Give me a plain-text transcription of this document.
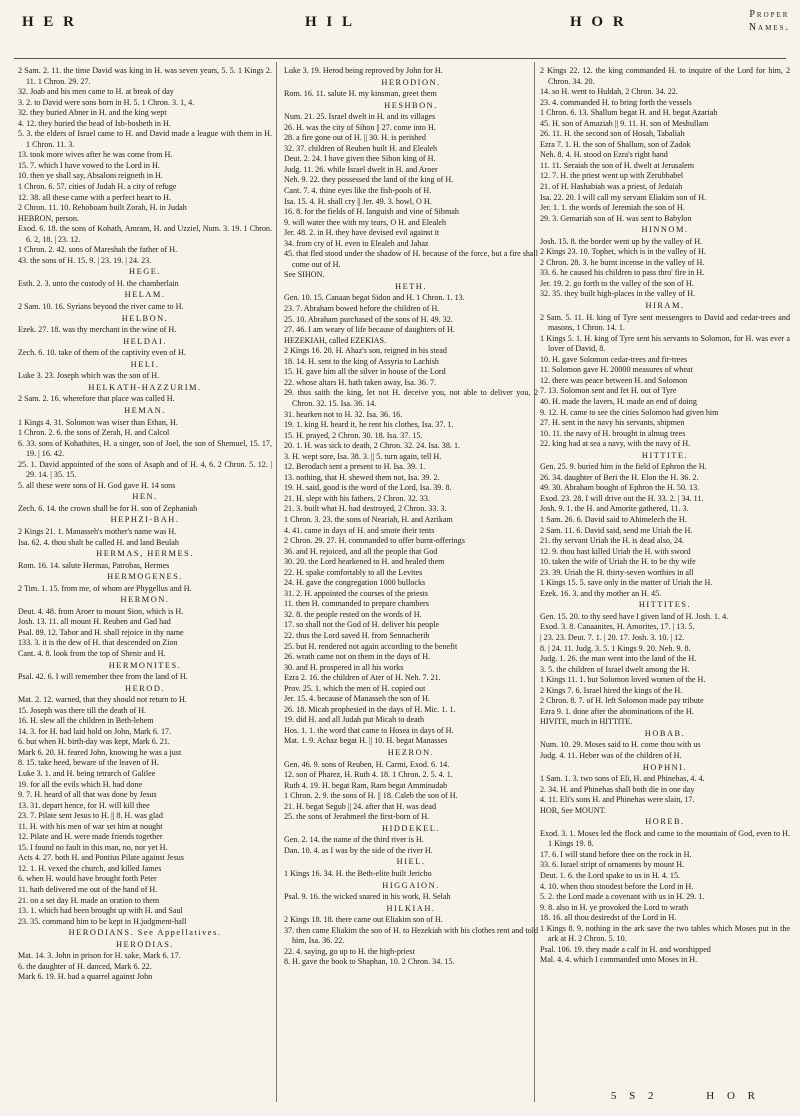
H E R	H I L	H O R	Proper
Names.

2 Sam. 2. 11. the time David was king in H. was seven years, 5. 5. 1 Kings 2. 11. 1 Chron. 29. 27.

32. Joab and his men came to H. at break of day

3. 2. to David were sons born in H. 5. 1 Chron. 3. 1, 4.

32. they buried Abner in H. and the king wept

4. 12. they buried the head of Ish-bosheth in H.

5. 3. the elders of Israel came to H. and David made a league with them in H. 1 Chron. 11. 3.

13. took more wives after he was come from H.

15. 7. which I have vowed to the Lord in H.

10. then ye shall say, Absalom reigneth in H.

1 Chron. 6. 57. cities of Judah H. a city of refuge

12. 38. all these came with a perfect heart to H.

2 Chron. 11. 10. Rehoboam built Zorah, H. in Judah

HEBRON, person.

Exod. 6. 18. the sons of Kohath, Amram, H. and Uzziel, Num. 3. 19. 1 Chron. 6. 2, 18. | 23. 12.

1 Chron. 2. 42. sons of Mareshah the father of H.

43. the sons of H. 15. 9. | 23. 19. | 24. 23.

HEGE.

Esth. 2. 3. unto the custody of H. the chamberlain

HELAM.

2 Sam. 10. 16. Syrians beyond the river came to H.

HELBON.

Ezek. 27. 18. was thy merchant in the wine of H.

HELDAI.

Zech. 6. 10. take of them of the captivity even of H.

HELI.

Luke 3. 23. Joseph which was the son of H.

HELKATH-HAZZURIM.

2 Sam. 2. 16. wherefore that place was called H.

HEMAN.

1 Kings 4. 31. Solomon was wiser than Ethan, H.

1 Chron. 2. 6. the sons of Zerah, H. and Calcol

6. 33. sons of Kohathites, H. a singer, son of Joel, the son of Shemuel, 15. 17, 19. | 16. 42.

25. 1. David appointed of the sons of Asaph and of H. 4, 6. 2 Chron. 5. 12. | 29. 14. | 35. 15.

5. all these were sons of H. God gave H. 14 sons

HEN.

Zech. 6. 14. the crown shall be for H. son of Zephaniah

HEPHZI-BAH.

2 Kings 21. 1. Manasseh's mother's name was H.

Isa. 62. 4. thou shalt be called H. and land Beulah

HERMAS, HERMES.

Rom. 16. 14. salute Hermas, Patrobas, Hermes

HERMOGENES.

2 Tim. 1. 15. from me, of whom are Phygellus and H.

HERMON.

Deut. 4. 48. from Aroer to mount Sion, which is H.

Josh. 13. 11. all mount H. Reuben and Gad had

Psal. 89. 12. Tabor and H. shall rejoice in thy name

133. 3. it is the dew of H. that descended on Zion

Cant. 4. 8. look from the top of Shenir and H.

HERMONITES.

Psal. 42. 6. I will remember thee from the land of H.

HEROD.

Mat. 2. 12. warned, that they should not return to H.

15. Joseph was there till the death of H.

16. H. slew all the children in Beth-lehem

14. 3. for H. had laid hold on John, Mark 6. 17.

6. but when H. birth-day was kept, Mark 6. 21.

Mark 6. 20. H. feared John, knowing he was a just

8. 15. take heed, beware of the leaven of H.

Luke 3. 1. and H. being tetrarch of Galilee

19. for all the evils which H. had done

9. 7. H. heard of all that was done by Jesus

13. 31. depart hence, for H. will kill thee

23. 7. Pilate sent Jesus to H. || 8. H. was glad

11. H. with his men of war set him at nought

12. Pilate and H. were made friends together

15. I found no fault in this man, no, nor yet H.

Acts 4. 27. both H. and Pontius Pilate against Jesus

12. 1. H. vexed the church, and killed James

6. when H. would have brought forth Peter

11. hath delivered me out of the hand of H.

21. on a set day H. made an oration to them

13. 1. which had been brought up with H. and Saul

23. 35. command him to be kept in H.judgment-hall

HERODIANS. See Appellatives.

HERODIAS.

Mat. 14. 3. John in prison for H. sake, Mark 6. 17.

6. the daughter of H. danced, Mark 6. 22.

Mark 6. 19. H. had a quarrel against John

Luke 3. 19. Herod being reproved by John for H.

HERODION.

Rom. 16. 11. salute H. my kinsman, greet them

HESHBON.

Num. 21. 25. Israel dwelt in H. and its villages

26. H. was the city of Sihon || 27. come into H.

28. a fire gone out of H. || 30. H. is perished

32. 37. children of Reuben built H. and Elealeh

Deut. 2. 24. I have given thee Sihon king of H.

Judg. 11. 26. while Israel dwelt in H. and Aroer

Neh. 9. 22. they possessed the land of the king of H.

Cant. 7. 4. thine eyes like the fish-pools of H.

Isa. 15. 4. H. shall cry || Jer. 49. 3. howl, O H.

16. 8. for the fields of H. languish and vine of Sibmah

9. will water thee with my tears, O H. and Elealeh

Jer. 48. 2. in H. they have devised evil against it

34. from cry of H. even to Elealeh and Jahaz

45. that fled stood under the shadow of H. because of the force, but a fire shall come out of H.

See SIHON.

HETH.

Gen. 10. 15. Canaan begat Sidon and H. 1 Chron. 1. 13.

23. 7. Abraham bowed before the children of H.

25. 10. Abraham purchased of the sons of H. 49. 32.

27. 46. I am weary of life because of daughters of H.

HEZEKIAH, called EZEKIAS.

2 Kings 16. 20. H. Ahaz's son, reigned in his stead

18. 14. H. sent to the king of Assyria to Lachish

15. H. gave him all the silver in house of the Lord

22. whose altars H. hath taken away, Isa. 36. 7.

29. thus saith the king, let not H. deceive you, not able to deliver you, 2 Chron. 32. 15. Isa. 36. 14.

31. hearken not to H. 32. Isa. 36. 16.

19. 1. king H. heard it, he rent his clothes, Isa. 37. 1.

15. H. prayed, 2 Chron. 30. 18. Isa. 37. 15.

20. 1. H. was sick to death, 2 Chron. 32. 24. Isa. 38. 1.

3. H. wept sore, Isa. 38. 3. || 5. turn again, tell H.

12. Berodach sent a present to H. Isa. 39. 1.

13. nothing, that H. shewed them not, Isa. 39. 2.

19. H. said, good is the word of the Lord, Isa. 39. 8.

21. H. slept with his fathers, 2 Chron. 32. 33.

21. 3. built what H. had destroyed, 2 Chron. 33. 3.

1 Chron. 3. 23. the sons of Neariah, H. and Azrikam

4. 41. came in days of H. and smote their tents

2 Chron. 29. 27. H. commanded to offer burnt-offerings

36. and H. rejoiced, and all the people that God

30. 20. the Lord hearkened to H. and healed them

22. H. spake comfortably to all the Levites

24. H. gave the congregation 1000 bullocks

31. 2. H. appointed the courses of the priests

11. then H. commanded to prepare chambers

32. 8. the people rested on the words of H.

17. so shall not the God of H. deliver his people

22. thus the Lord saved H. from Sennacherib

25. but H. rendered not again according to the benefit

26. wrath came not on them in the days of H.

30. and H. prospered in all his works

Ezra 2. 16. the children of Ater of H. Neh. 7. 21.

Prov. 25. 1. which the men of H. copied out

Jer. 15. 4. because of Manasseh the son of H.

26. 18. Micah prophesied in the days of H. Mic. 1. 1.

19. did H. and all Judah put Micah to death

Hos. 1. 1. the word that came to Hosea in days of H.

Mat. 1. 9. Achaz begat H. || 10. H. begat Manasses

HEZRON.

Gen. 46. 9. sons of Reuben, H. Carmi, Exod. 6. 14.

12. son of Pharez, H. Ruth 4. 18. 1 Chron. 2. 5. 4. 1.

Ruth 4. 19. H. begat Ram, Ram begat Amminadab

1 Chron. 2. 9. the sons of H. || 18. Caleb the son of H.

21. H. begat Segub || 24. after that H. was dead

25. the sons of Jerahmeel the first-born of H.

HIDDEKEL.

Gen. 2. 14. the name of the third river is H.

Dan. 10. 4. as I was by the side of the river H.

HIEL.

1 Kings 16. 34. H. the Beth-elite built Jericho

HIGGAION.

Psal. 9. 16. the wicked snared in his work, H. Selah

HILKIAH.

2 Kings 18. 18. there came out Eliakim son of H.

37. then came Eliakim the son of H. to Hezekiah with his clothes rent and told him, Isa. 36. 22.

22. 4. saying, go up to H. the high-priest

8. H. gave the book to Shaphan, 10. 2 Chron. 34. 15.

2 Kings 22. 12. the king commanded H. to inquire of the Lord for him, 2 Chron. 34. 20.

14. so H. went to Huldah, 2 Chron. 34. 22.

23. 4. commanded H. to bring forth the vessels

1 Chron. 6. 13. Shallum begat H. and H. begat Azariah

45. H. son of Amaziah || 9. 11. H. son of Meshullam

26. 11. H. the second son of Hosah, Tabaliah

Ezra 7. 1. H. the son of Shallum, son of Zadok

Neh. 8. 4. H. stood on Ezra's right hand

11. 11. Seraiah the son of H. dwelt at Jerusalem

12. 7. H. the priest went up with Zerubbabel

21. of H. Hashabiah was a priest, of Jedaiah

Isa. 22. 20. I will call my servant Eliakim son of H.

Jer. 1. 1. the words of Jeremiah the son of H.

29. 3. Gemariah son of H. was sent to Babylon

HINNOM.

Josh. 15. 8. the border went up by the valley of H.

2 Kings 23. 10. Tophet, which is in the valley of H.

2 Chron. 28. 3. he burnt incense in the valley of H.

33. 6. he caused his children to pass thro' fire in H.

Jer. 19. 2. go forth to the valley of the son of H.

32. 35. they built high-places in the valley of H.

HIRAM.

2 Sam. 5. 11. H. king of Tyre sent messengers to David and cedar-trees and masons, 1 Chron. 14. 1.

1 Kings 5. 1. H. king of Tyre sent his servants to Solomon, for H. was ever a lover of David, 8.

10. H. gave Solomon cedar-trees and fir-trees

11. Solomon gave H. 20000 measures of wheat

12. there was peace between H. and Solomon

7. 13. Solomon sent and fet H. out of Tyre

40. H. made the lavers, H. made an end of doing

9. 12. H. came to see the cities Solomon had given him

27. H. sent in the navy his servants, shipmen

10. 11. the navy of H. brought in almug trees

22. king had at sea a navy, with the navy of H.

HITTITE.

Gen. 25. 9. buried him in the field of Ephron the H.

26. 34. daughter of Beri the H. Elon the H. 36. 2.

49. 30. Abraham bought of Ephron the H. 50. 13.

Exod. 23. 28. I will drive out the H. 33. 2. | 34. 11.

Josh. 9. 1. the H. and Amorite gathered, 11. 3.

1 Sam. 26. 6. David said to Ahimelech the H.

2 Sam. 11. 6. David said, send me Uriah the H.

21. thy servant Uriah the H. is dead also, 24.

12. 9. thou hast killed Uriah the H. with sword

10. taken the wife of Uriah the H. to be thy wife

23. 39. Uriah the H. thirty-seven worthies in all

1 Kings 15. 5. save only in the matter of Uriah the H.

Ezek. 16. 3. and thy mother an H. 45.

HITTITES.

Gen. 15. 20. to thy seed have I given land of H. Josh. 1. 4.

Exod. 3. 8. Canaanites, H. Amorites, 17. | 13. 5.

| 23. 23. Deut. 7. 1. | 20. 17. Josh. 3. 10. | 12.

8. | 24. 11. Judg. 3. 5. 1 Kings 9. 20. Neh. 9. 8.

Judg. 1. 26. the man went into the land of the H.

3. 5. the children of Israel dwelt among the H.

1 Kings 11. 1. but Solomon loved women of the H.

2 Kings 7. 6. Israel hired the kings of the H.

2 Chron. 8. 7. of H. left Solomon made pay tribute

Ezra 9. 1. done after the abominations of the H.

HIVITE, much in HITTITE.

HOBAB.

Num. 10. 29. Moses said to H. come thou with us

Judg. 4. 11. Heber was of the children of H.

HOPHNI.

1 Sam. 1. 3. two sons of Eli, H. and Phinehas, 4. 4.

2. 34. H. and Phinehas shall both die in one day

4. 11. Eli's sons H. and Phinehas were slain, 17.

HOR, See MOUNT.

HOREB.

Exod. 3. 1. Moses led the flock and came to the mountain of God, even to H. 1 Kings 19. 8.

17. 6. I will stand before thee on the rock in H.

33. 6. Israel stript of ornaments by mount H.

Deut. 1. 6. the Lord spake to us in H. 4. 15.

4. 10. when thou stoodest before the Lord in H.

5. 2. the Lord made a covenant with us in H. 29. 1.

9. 8. also in H. ye provoked the Lord to wrath

18. 16. all thou desiredst of the Lord in H.

1 Kings 8. 9. nothing in the ark save the two tables which Moses put in the ark at H. 2 Chron. 5. 10.

Psal. 106. 19. they made a calf in H. and worshipped

Mal. 4. 4. which I commanded unto Moses in H.

5 S 2	H O R
